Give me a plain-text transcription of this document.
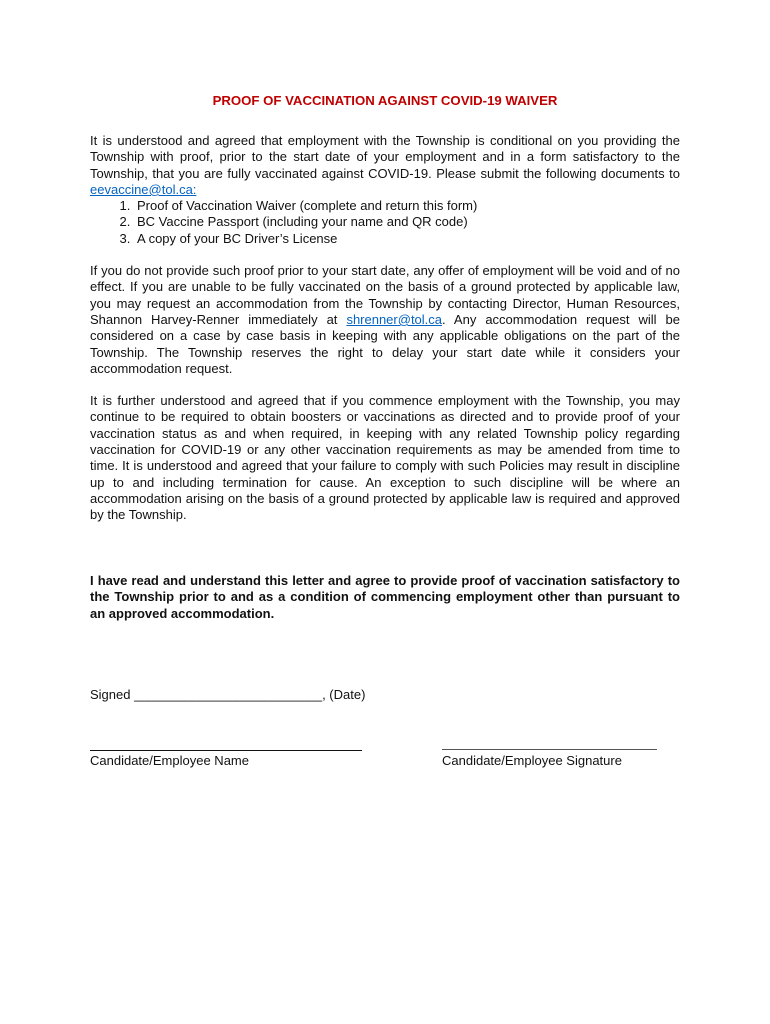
PROOF OF VACCINATION AGAINST COVID-19 WAIVER

It is understood and agreed that employment with the Township is conditional on you providing the Township with proof, prior to the start date of your employment and in a form satisfactory to the Township, that you are fully vaccinated against COVID-19. Please submit the following documents to eevaccine@tol.ca:

1. Proof of Vaccination Waiver (complete and return this form)
2. BC Vaccine Passport (including your name and QR code)
3. A copy of your BC Driver’s License

If you do not provide such proof prior to your start date, any offer of employment will be void and of no effect. If you are unable to be fully vaccinated on the basis of a ground protected by applicable law, you may request an accommodation from the Township by contacting Director, Human Resources, Shannon Harvey-Renner immediately at shrenner@tol.ca. Any accommodation request will be considered on a case by case basis in keeping with any applicable obligations on the part of the Township. The Township reserves the right to delay your start date while it considers your accommodation request.

It is further understood and agreed that if you commence employment with the Township, you may continue to be required to obtain boosters or vaccinations as directed and to provide proof of your vaccination status as and when required, in keeping with any related Township policy regarding vaccination for COVID-19 or any other vaccination requirements as may be amended from time to time. It is understood and agreed that your failure to comply with such Policies may result in discipline up to and including termination for cause. An exception to such discipline will be where an accommodation arising on the basis of a ground protected by applicable law is required and approved by the Township.

I have read and understand this letter and agree to provide proof of vaccination satisfactory to the Township prior to and as a condition of commencing employment other than pursuant to an approved accommodation.
Signed __________________________, (Date)
Candidate/Employee Name	Candidate/Employee Signature
